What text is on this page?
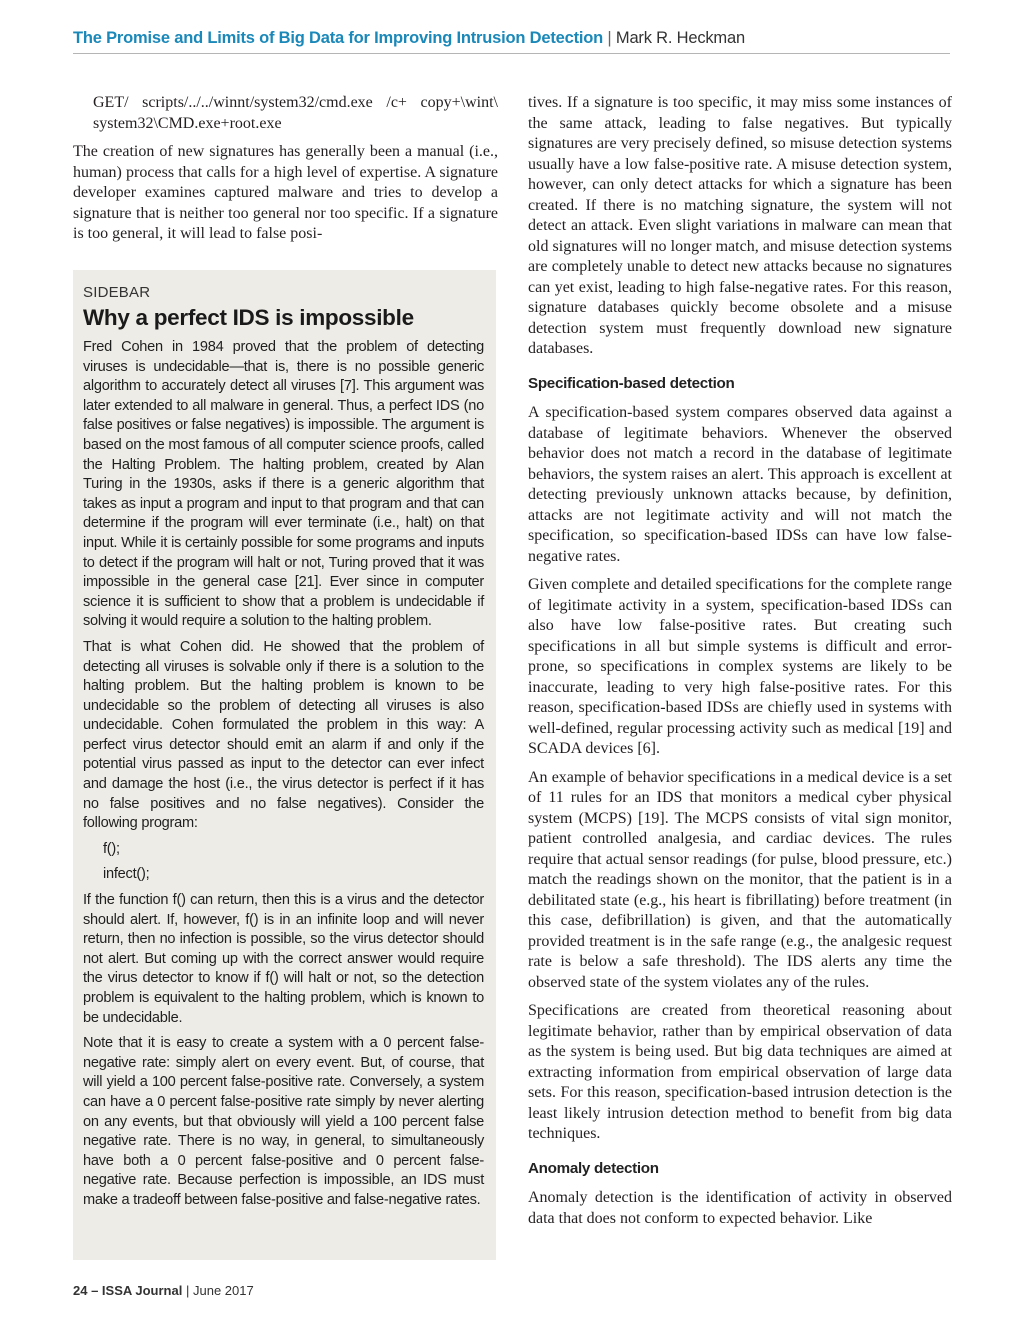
The Promise and Limits of Big Data for Improving Intrusion Detection | Mark R. Heckman
GET/ scripts/../../winnt/system32/cmd.exe /c+ copy+\wint\ system32\CMD.exe+root.exe

The creation of new signatures has generally been a manual (i.e., human) process that calls for a high level of expertise. A signature developer examines captured malware and tries to develop a signature that is neither too general nor too specific. If a signature is too general, it will lead to false posi-

SIDEBAR
Why a perfect IDS is impossible

Fred Cohen in 1984 proved that the problem of detecting viruses is undecidable—that is, there is no possible generic algorithm to accurately detect all viruses [7]. This argument was later extended to all malware in general. Thus, a perfect IDS (no false positives or false negatives) is impossible. The argument is based on the most famous of all computer science proofs, called the Halting Problem. The halting problem, created by Alan Turing in the 1930s, asks if there is a generic algorithm that takes as input a program and input to that program and that can determine if the program will ever terminate (i.e., halt) on that input. While it is certainly possible for some programs and inputs to detect if the program will halt or not, Turing proved that it was impossible in the general case [21]. Ever since in computer science it is sufficient to show that a problem is undecidable if solving it would require a solution to the halting problem.

That is what Cohen did. He showed that the problem of detecting all viruses is solvable only if there is a solution to the halting problem. But the halting problem is known to be undecidable so the problem of detecting all viruses is also undecidable. Cohen formulated the problem in this way: A perfect virus detector should emit an alarm if and only if the potential virus passed as input to the detector can ever infect and damage the host (i.e., the virus detector is perfect if it has no false positives and no false negatives). Consider the following program:

f();

infect();

If the function f() can return, then this is a virus and the detector should alert. If, however, f() is in an infinite loop and will never return, then no infection is possible, so the virus detector should not alert. But coming up with the correct answer would require the virus detector to know if f() will halt or not, so the detection problem is equivalent to the halting problem, which is known to be undecidable.

Note that it is easy to create a system with a 0 percent false-negative rate: simply alert on every event. But, of course, that will yield a 100 percent false-positive rate. Conversely, a system can have a 0 percent false-positive rate simply by never alerting on any events, but that obviously will yield a 100 percent false negative rate. There is no way, in general, to simultaneously have both a 0 percent false-positive and 0 percent false-negative rate. Because perfection is impossible, an IDS must make a tradeoff between false-positive and false-negative rates.

tives. If a signature is too specific, it may miss some instances of the same attack, leading to false negatives. But typically signatures are very precisely defined, so misuse detection systems usually have a low false-positive rate. A misuse detection system, however, can only detect attacks for which a signature has been created. If there is no matching signature, the system will not detect an attack. Even slight variations in malware can mean that old signatures will no longer match, and misuse detection systems are completely unable to detect new attacks because no signatures can yet exist, leading to high false-negative rates. For this reason, signature databases quickly become obsolete and a misuse detection system must frequently download new signature databases.

Specification-based detection

A specification-based system compares observed data against a database of legitimate behaviors. Whenever the observed behavior does not match a record in the database of legitimate behaviors, the system raises an alert. This approach is excellent at detecting previously unknown attacks because, by definition, attacks are not legitimate activity and will not match the specification, so specification-based IDSs can have low false-negative rates.

Given complete and detailed specifications for the complete range of legitimate activity in a system, specification-based IDSs can also have low false-positive rates. But creating such specifications in all but simple systems is difficult and error-prone, so specifications in complex systems are likely to be inaccurate, leading to very high false-positive rates. For this reason, specification-based IDSs are chiefly used in systems with well-defined, regular processing activity such as medical [19] and SCADA devices [6].

An example of behavior specifications in a medical device is a set of 11 rules for an IDS that monitors a medical cyber physical system (MCPS) [19]. The MCPS consists of vital sign monitor, patient controlled analgesia, and cardiac devices. The rules require that actual sensor readings (for pulse, blood pressure, etc.) match the readings shown on the monitor, that the patient is in a debilitated state (e.g., his heart is fibrillating) before treatment (in this case, defibrillation) is given, and that the automatically provided treatment is in the safe range (e.g., the analgesic request rate is below a safe threshold). The IDS alerts any time the observed state of the system violates any of the rules.

Specifications are created from theoretical reasoning about legitimate behavior, rather than by empirical observation of data as the system is being used. But big data techniques are aimed at extracting information from empirical observation of large data sets. For this reason, specification-based intrusion detection is the least likely intrusion detection method to benefit from big data techniques.

Anomaly detection

Anomaly detection is the identification of activity in observed data that does not conform to expected behavior. Like

24 – ISSA Journal | June 2017
